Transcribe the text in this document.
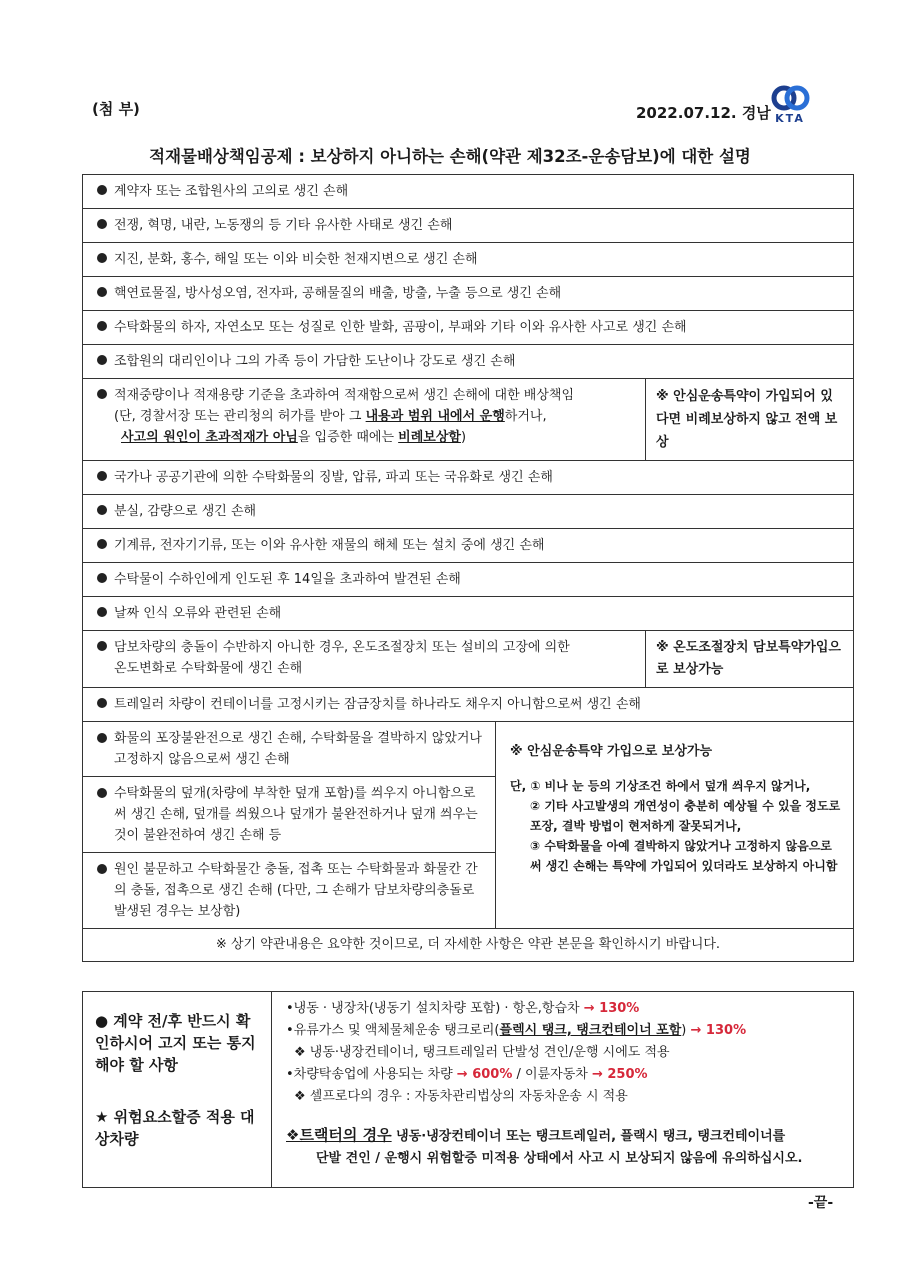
(첨 부)	2022.07.12. 경남 KTA
적재물배상책임공제 : 보상하지 아니하는 손해(약관 제32조-운송담보)에 대한 설명
계약자 또는 조합원사의 고의로 생긴 손해
전쟁, 혁명, 내란, 노동쟁의 등 기타 유사한 사태로 생긴 손해
지진, 분화, 홍수, 해일 또는 이와 비슷한 천재지변으로 생긴 손해
핵연료물질, 방사성오염, 전자파, 공해물질의 배출, 방출, 누출 등으로 생긴 손해
수탁화물의 하자, 자연소모 또는 성질로 인한 발화, 곰팡이, 부패와 기타 이와 유사한 사고로 생긴 손해
조합원의 대리인이나 그의 가족 등이 가담한 도난이나 강도로 생긴 손해
적재중량이나 적재용량 기준을 초과하여 적재함으로써 생긴 손해에 대한 배상책임
(단, 경찰서장 또는 관리청의 허가를 받아 그 내용과 범위 내에서 운행하거나,
사고의 원인이 초과적재가 아님을 입증한 때에는 비례보상함)
※ 안심운송특약이 가입되어 있다면 비례보상하지 않고 전액 보상
국가나 공공기관에 의한 수탁화물의 징발, 압류, 파괴 또는 국유화로 생긴 손해
분실, 감량으로 생긴 손해
기계류, 전자기기류, 또는 이와 유사한 재물의 해체 또는 설치 중에 생긴 손해
수탁물이 수하인에게 인도된 후 14일을 초과하여 발견된 손해
날짜 인식 오류와 관련된 손해
담보차량의 충돌이 수반하지 아니한 경우, 온도조절장치 또는 설비의 고장에 의한
온도변화로 수탁화물에 생긴 손해
※ 온도조절장치 담보특약가입으로 보상가능
트레일러 차량이 컨테이너를 고정시키는 잠금장치를 하나라도 채우지 아니함으로써 생긴 손해
화물의 포장불완전으로 생긴 손해, 수탁화물을 결박하지 않았거나 고정하지 않음으로써 생긴 손해
수탁화물의 덮개(차량에 부착한 덮개 포함)를 씌우지 아니함으로써 생긴 손해, 덮개를 씌웠으나 덮개가 불완전하거나 덮개 씌우는 것이 불완전하여 생긴 손해 등
원인 불문하고 수탁화물간 충돌, 접촉 또는 수탁화물과 화물칸 간의 충돌, 접촉으로 생긴 손해 (다만, 그 손해가 담보차량의충돌로 발생된 경우는 보상함)
※ 안심운송특약 가입으로 보상가능
단, ① 비나 눈 등의 기상조건 하에서 덮개 씌우지 않거나,
② 기타 사고발생의 개연성이 충분히 예상될 수 있을 정도로 포장, 결박 방법이 현저하게 잘못되거나,
③ 수탁화물을 아예 결박하지 않았거나 고정하지 않음으로써 생긴 손해는 특약에 가입되어 있더라도 보상하지 아니함
※ 상기 약관내용은 요약한 것이므로, 더 자세한 사항은 약관 본문을 확인하시기 바랍니다.
● 계약 전/후 반드시 확인하시어 고지 또는 통지해야 할 사항
★ 위험요소할증 적용 대상차량
•냉동 · 냉장차(냉동기 설치차량 포함) · 항온,항습차 → 130%
•유류가스 및 액체물체운송 탱크로리(플렉시 탱크, 탱크컨테이너 포함) → 130%
❖ 냉동·냉장컨테이너, 탱크트레일러 단발성 견인/운행 시에도 적용
•차량탁송업에 사용되는 차량 → 600% / 이륜자동차 → 250%
❖ 셀프로다의 경우 : 자동차관리법상의 자동차운송 시 적용
❖트랙터의 경우 냉동·냉장컨테이너 또는 탱크트레일러, 플랙시 탱크, 탱크컨테이너를
단발 견인 / 운행시 위험할증 미적용 상태에서 사고 시 보상되지 않음에 유의하십시오.
-끝-
